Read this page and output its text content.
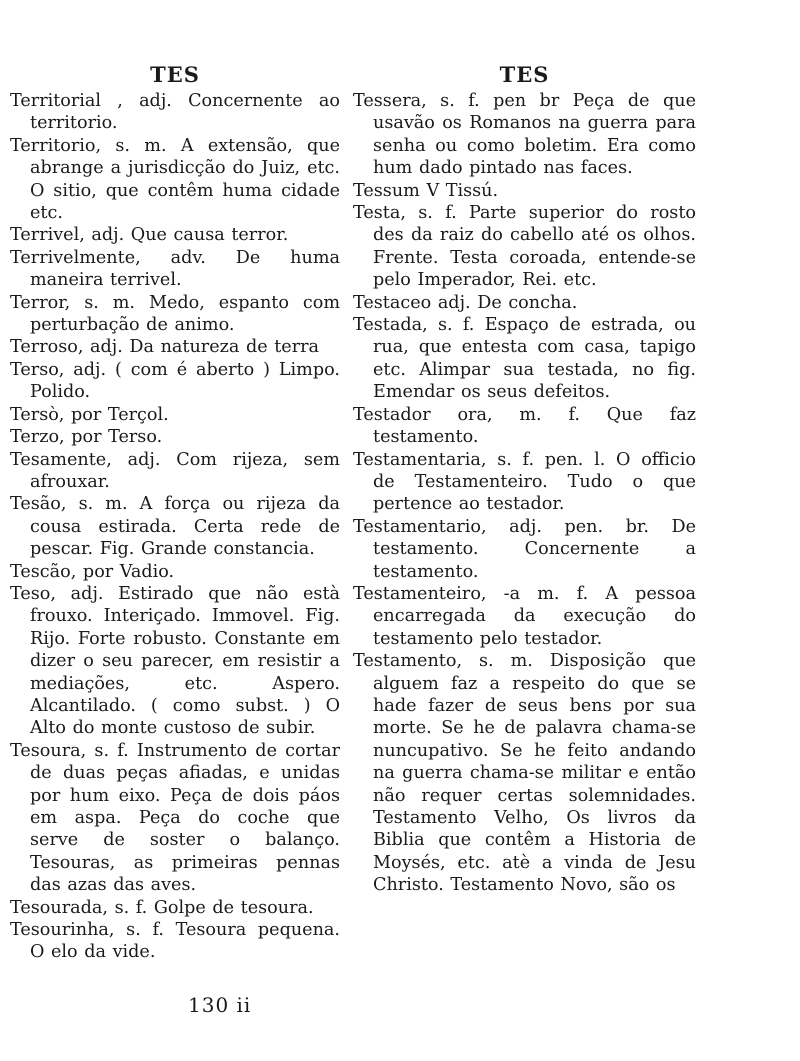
TES

Territorial , adj. Concernente ao territorio.

Territorio, s. m. A extensão, que abrange a jurisdicção do Juiz, etc. O sitio, que contêm huma cidade etc.

Terrivel, adj. Que causa terror.

Terrivelmente, adv. De huma maneira terrivel.

Terror, s. m. Medo, espanto com perturbação de animo.

Terroso, adj. Da natureza de terra

Terso, adj. ( com é aberto ) Limpo. Polido.

Tersò, por Terçol.

Terzo, por Terso.

Tesamente, adj. Com rijeza, sem afrouxar.

Tesão, s. m. A força ou rijeza da cousa estirada. Certa rede de pescar. Fig. Grande constancia.

Tescão, por Vadio.

Teso, adj. Estirado que não està frouxo. Interiçado. Immovel. Fig. Rijo. Forte robusto. Constante em dizer o seu parecer, em resistir a mediações, etc. Aspero. Alcantilado. ( como subst. ) O Alto do monte custoso de subir.

Tesoura, s. f. Instrumento de cortar de duas peças afiadas, e unidas por hum eixo. Peça de dois páos em aspa. Peça do coche que serve de soster o balanço. Tesouras, as primeiras pennas das azas das aves.

Tesourada, s. f. Golpe de tesoura.

Tesourinha, s. f. Tesoura pequena. O elo da vide.

TES

Tessera, s. f. pen br Peça de que usavão os Romanos na guerra para senha ou como boletim. Era como hum dado pintado nas faces.

Tessum V Tissú.

Testa, s. f. Parte superior do rosto des da raiz do cabello até os olhos. Frente. Testa coroada, entende-se pelo Imperador, Rei. etc.

Testaceo adj. De concha.

Testada, s. f. Espaço de estrada, ou rua, que entesta com casa, tapigo etc. Alimpar sua testada, no fig. Emendar os seus defeitos.

Testador ora, m. f. Que faz testamento.

Testamentaria, s. f. pen. l. O officio de Testamenteiro. Tudo o que pertence ao testador.

Testamentario, adj. pen. br. De testamento. Concernente a testamento.

Testamenteiro, -a m. f. A pessoa encarregada da execução do testamento pelo testador.

Testamento, s. m. Disposição que alguem faz a respeito do que se hade fazer de seus bens por sua morte. Se he de palavra chama-se nuncupativo. Se he feito andando na guerra chama-se militar e então não requer certas solemnidades. Testamento Velho, Os livros da Biblia que contêm a Historia de Moysés, etc. atè a vinda de Jesu Christo. Testamento Novo, são os

130 ii
